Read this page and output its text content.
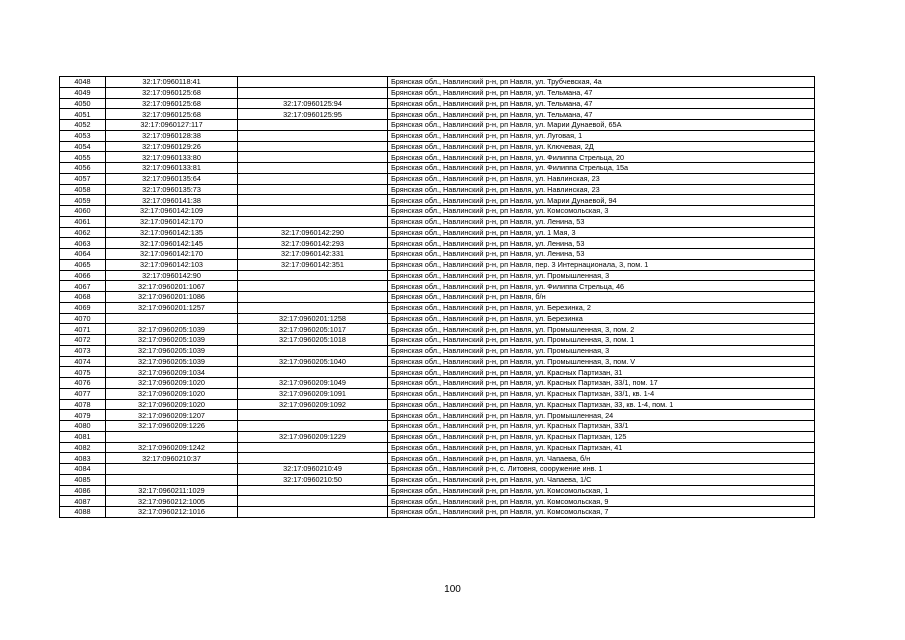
4048	32:17:0960118:41		Брянская обл., Навлинский р-н, рп Навля, ул. Трубчевская, 4а
4049	32:17:0960125:68		Брянская обл., Навлинский р-н, рп Навля, ул. Тельмана, 47
4050	32:17:0960125:68	32:17:0960125:94	Брянская обл., Навлинский р-н, рп Навля, ул. Тельмана, 47
4051	32:17:0960125:68	32:17:0960125:95	Брянская обл., Навлинский р-н, рп Навля, ул. Тельмана, 47
4052	32:17:0960127:117		Брянская обл., Навлинский р-н, рп Навля, ул. Марии Дунаевой, 65А
4053	32:17:0960128:38		Брянская обл., Навлинский р-н, рп Навля, ул. Луговая, 1
4054	32:17:0960129:26		Брянская обл., Навлинский р-н, рп Навля, ул. Ключевая, 2Д
4055	32:17:0960133:80		Брянская обл., Навлинский р-н, рп Навля, ул. Филиппа Стрельца, 20
4056	32:17:0960133:81		Брянская обл., Навлинский р-н, рп Навля, ул. Филиппа Стрельца, 15а
4057	32:17:0960135:64		Брянская обл., Навлинский р-н, рп Навля, ул. Навлинская, 23
4058	32:17:0960135:73		Брянская обл., Навлинский р-н, рп Навля, ул. Навлинская, 23
4059	32:17:0960141:38		Брянская обл., Навлинский р-н, рп Навля, ул. Марии Дунаевой, 94
4060	32:17:0960142:109		Брянская обл., Навлинский р-н, рп Навля, ул. Комсомольская, 3
4061	32:17:0960142:170		Брянская обл., Навлинский р-н, рп Навля, ул. Ленина, 53
4062	32:17:0960142:135	32:17:0960142:290	Брянская обл., Навлинский р-н, рп Навля, ул. 1 Мая, 3
4063	32:17:0960142:145	32:17:0960142:293	Брянская обл., Навлинский р-н, рп Навля, ул. Ленина, 53
4064	32:17:0960142:170	32:17:0960142:331	Брянская обл., Навлинский р-н, рп Навля, ул. Ленина, 53
4065	32:17:0960142:103	32:17:0960142:351	Брянская обл., Навлинский р-н, рп Навля, пер. 3 Интернационала, 3, пом. 1
4066	32:17:0960142:90		Брянская обл., Навлинский р-н, рп Навля, ул. Промышленная, 3
4067	32:17:0960201:1067		Брянская обл., Навлинский р-н, рп Навля, ул. Филиппа Стрельца, 46
4068	32:17:0960201:1086		Брянская обл., Навлинский р-н, рп Навля, б/н
4069	32:17:0960201:1257		Брянская обл., Навлинский р-н, рп Навля, ул. Березинка, 2
4070		32:17:0960201:1258	Брянская обл., Навлинский р-н, рп Навля, ул. Березинка
4071	32:17:0960205:1039	32:17:0960205:1017	Брянская обл., Навлинский р-н, рп Навля, ул. Промышленная, 3, пом. 2
4072	32:17:0960205:1039	32:17:0960205:1018	Брянская обл., Навлинский р-н, рп Навля, ул. Промышленная, 3, пом. 1
4073	32:17:0960205:1039		Брянская обл., Навлинский р-н, рп Навля, ул. Промышленная, 3
4074	32:17:0960205:1039	32:17:0960205:1040	Брянская обл., Навлинский р-н, рп Навля, ул. Промышленная, 3, пом. V
4075	32:17:0960209:1034		Брянская обл., Навлинский р-н, рп Навля, ул. Красных Партизан, 31
4076	32:17:0960209:1020	32:17:0960209:1049	Брянская обл., Навлинский р-н, рп Навля, ул. Красных Партизан, 33/1, пом. 17
4077	32:17:0960209:1020	32:17:0960209:1091	Брянская обл., Навлинский р-н, рп Навля, ул. Красных Партизан, 33/1, кв. 1-4
4078	32:17:0960209:1020	32:17:0960209:1092	Брянская обл., Навлинский р-н, рп Навля, ул. Красных Партизан, 33, кв. 1-4, пом. 1
4079	32:17:0960209:1207		Брянская обл., Навлинский р-н, рп Навля, ул. Промышленная, 24
4080	32:17:0960209:1226		Брянская обл., Навлинский р-н, рп Навля, ул. Красных Партизан, 33/1
4081		32:17:0960209:1229	Брянская обл., Навлинский р-н, рп Навля, ул. Красных Партизан, 125
4082	32:17:0960209:1242		Брянская обл., Навлинский р-н, рп Навля, ул. Красных Партизан, 41
4083	32:17:0960210:37		Брянская обл., Навлинский р-н, рп Навля, ул. Чапаева, б/н
4084		32:17:0960210:49	Брянская обл., Навлинский р-н, с. Литовня, сооружение инв. 1
4085		32:17:0960210:50	Брянская обл., Навлинский р-н, рп Навля, ул. Чапаева, 1/С
4086	32:17:0960211:1029		Брянская обл., Навлинский р-н, рп Навля, ул. Комсомольская, 1
4087	32:17:0960212:1005		Брянская обл., Навлинский р-н, рп Навля, ул. Комсомольская, 9
4088	32:17:0960212:1016		Брянская обл., Навлинский р-н, рп Навля, ул. Комсомольская, 7
100
